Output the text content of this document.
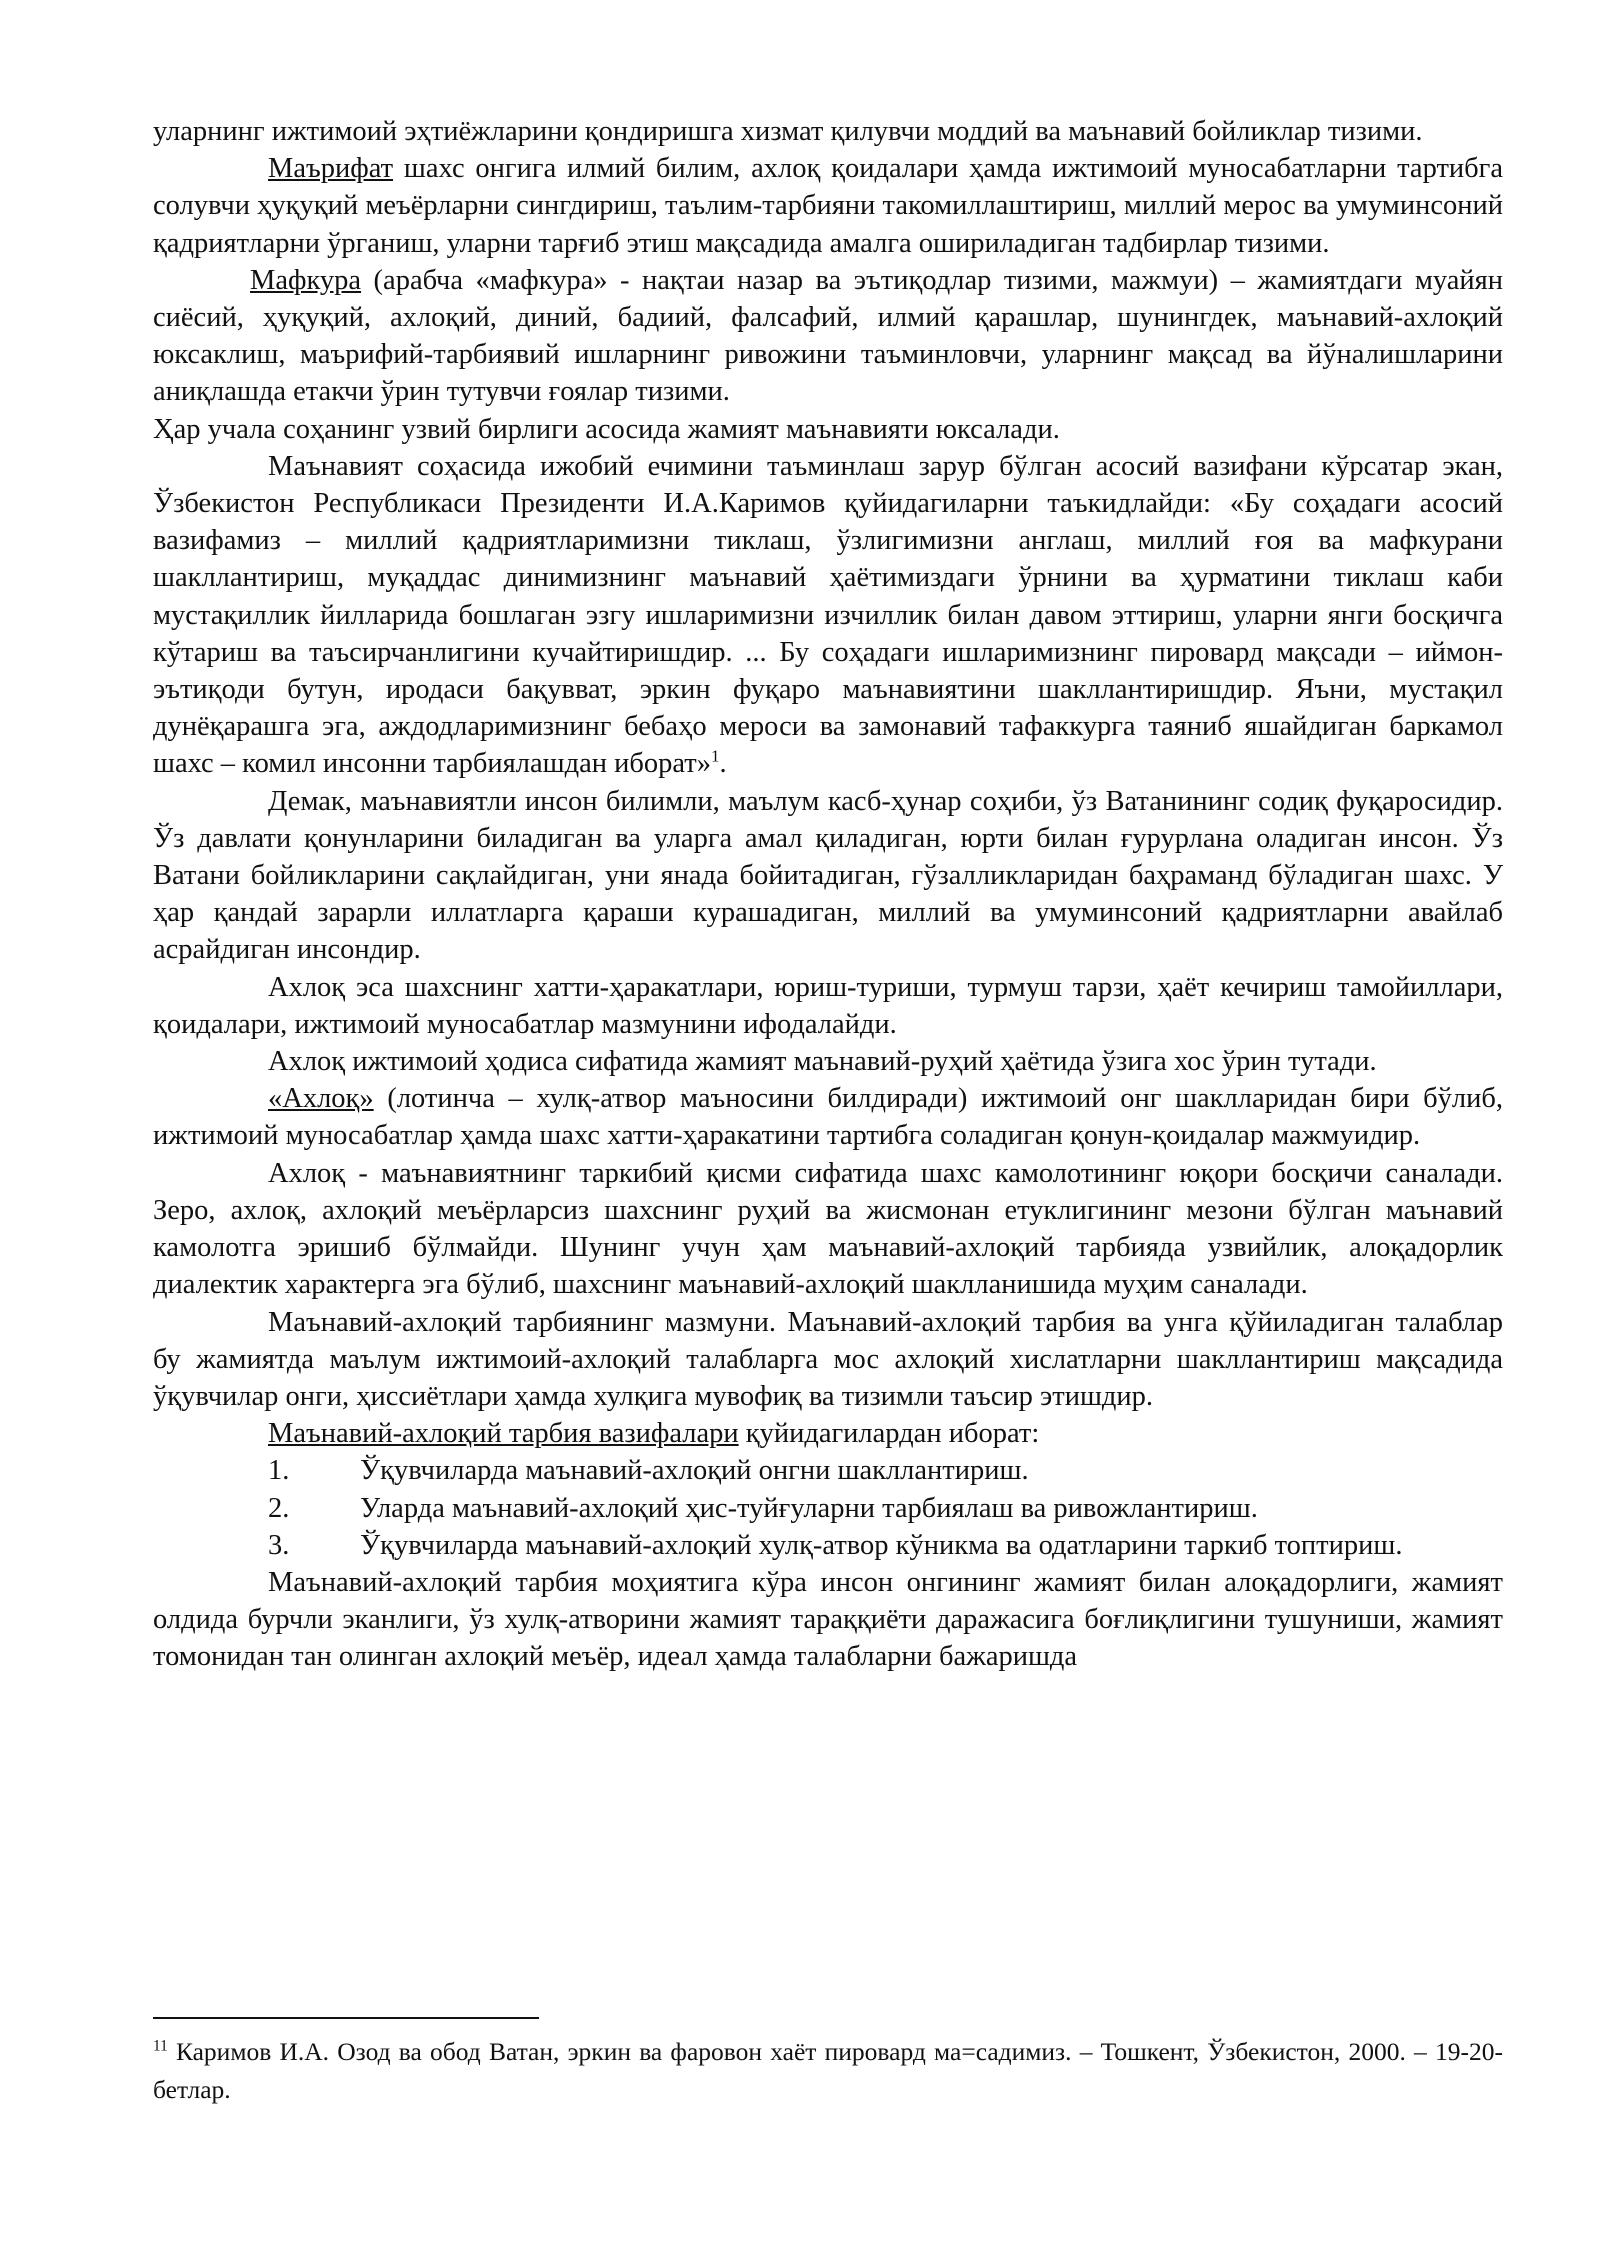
уларнинг ижтимоий эҳтиёжларини қондиришга хизмат қилувчи моддий ва маънавий бойликлар тизими.

Маърифат шахс онгига илмий билим, ахлоқ қоидалари ҳамда ижтимоий муносабатларни тартибга солувчи ҳуқуқий меъёрларни сингдириш, таълим-тарбияни такомиллаштириш, миллий мерос ва умуминсоний қадриятларни ўрганиш, уларни тарғиб этиш мақсадида амалга ошириладиган тадбирлар тизими.

Мафкура (арабча «мафкура» - нақтаи назар ва эътиқодлар тизими, мажмуи) – жамиятдаги муайян сиёсий, ҳуқуқий, ахлоқий, диний, бадиий, фалсафий, илмий қарашлар, шунингдек, маънавий-ахлоқий юксаклиш, маърифий-тарбиявий ишларнинг ривожини таъминловчи, уларнинг мақсад ва йўналишларини аниқлашда етакчи ўрин тутувчи ғоялар тизими.

Ҳар учала соҳанинг узвий бирлиги асосида жамият маънавияти юксалади.

Маънавият соҳасида ижобий ечимини таъминлаш зарур бўлган асосий вазифани кўрсатар экан, Ўзбекистон Республикаси Президенти И.А.Каримов қуйидагиларни таъкидлайди: «Бу соҳадаги асосий вазифамиз – миллий қадриятларимизни тиклаш, ўзлигимизни англаш, миллий ғоя ва мафкурани шакллантириш, муқаддас динимизнинг маънавий ҳаётимиздаги ўрнини ва ҳурматини тиклаш каби мустақиллик йилларида бошлаган эзгу ишларимизни изчиллик билан давом эттириш, уларни янги босқичга кўтариш ва таъсирчанлигини кучайтиришдир. ... Бу соҳадаги ишларимизнинг пировард мақсади – иймон-эътиқоди бутун, иродаси бақувват, эркин фуқаро маънавиятини шакллантиришдир. Яъни, мустақил дунёқарашга эга, аждодларимизнинг бебаҳо мероси ва замонавий тафаккурга таяниб яшайдиган баркамол шахс – комил инсонни тарбиялашдан иборат»$^1$.

Демак, маънавиятли инсон билимли, маълум касб-ҳунар соҳиби, ўз Ватанининг содиқ фуқаросидир. Ўз давлати қонунларини биладиган ва уларга амал қиладиган, юрти билан ғурурлана оладиган инсон. Ўз Ватани бойликларини сақлайдиган, уни янада бойитадиган, гўзалликларидан баҳраманд бўладиган шахс. У ҳар қандай зарарли иллатларга қараши курашадиган, миллий ва умуминсоний қадриятларни авайлаб асрайдиган инсондир.

Ахлоқ эса шахснинг хатти-ҳаракатлари, юриш-туриши, турмуш тарзи, ҳаёт кечириш тамойиллари, қоидалари, ижтимоий муносабатлар мазмунини ифодалайди.

Ахлоқ ижтимоий ҳодиса сифатида жамият маънавий-руҳий ҳаётида ўзига хос ўрин тутади.

«Ахлоқ» (лотинча – хулқ-атвор маъносини билдиради) ижтимоий онг шаклларидан бири бўлиб, ижтимоий муносабатлар ҳамда шахс хатти-ҳаракатини тартибга соладиган қонун-қоидалар мажмуидир.

Ахлоқ - маънавиятнинг таркибий қисми сифатида шахс камолотининг юқори босқичи саналади. Зеро, ахлоқ, ахлоқий меъёрларсиз шахснинг руҳий ва жисмонан етуклигининг мезони бўлган маънавий камолотга эришиб бўлмайди. Шунинг учун ҳам маънавий-ахлоқий тарбияда узвийлик, алоқадорлик диалектик характерга эга бўлиб, шахснинг маънавий-ахлоқий шаклланишида муҳим саналади.

Маънавий-ахлоқий тарбиянинг мазмуни. Маънавий-ахлоқий тарбия ва унга қўйиладиган талаблар бу жамиятда маълум ижтимоий-ахлоқий талабларга мос ахлоқий хислатларни шакллантириш мақсадида ўқувчилар онги, ҳиссиётлари ҳамда хулқига мувофиқ ва тизимли таъсир этишдир.

Маънавий-ахлоқий тарбия вазифалари қуйидагилардан иборат:

1. Ўқувчиларда маънавий-ахлоқий онгни шакллантириш.

2. Уларда маънавий-ахлоқий ҳис-туйғуларни тарбиялаш ва ривожлантириш.

3. Ўқувчиларда маънавий-ахлоқий хулқ-атвор кўникма ва одатларини таркиб топтириш.

Маънавий-ахлоқий тарбия моҳиятига кўра инсон онгининг жамият билан алоқадорлиги, жамият олдида бурчли эканлиги, ўз хулқ-атворини жамият тараққиёти даражасига боғлиқлигини тушуниши, жамият томонидан тан олинган ахлоқий меъёр, идеал ҳамда талабларни бажаришда

$^{11}$ Каримов И.А. Озод ва обод Ватан, эркин ва фаровон хаёт пировард ма=садимиз. – Тошкент, Ўзбекистон, 2000. – 19-20-бетлар.
